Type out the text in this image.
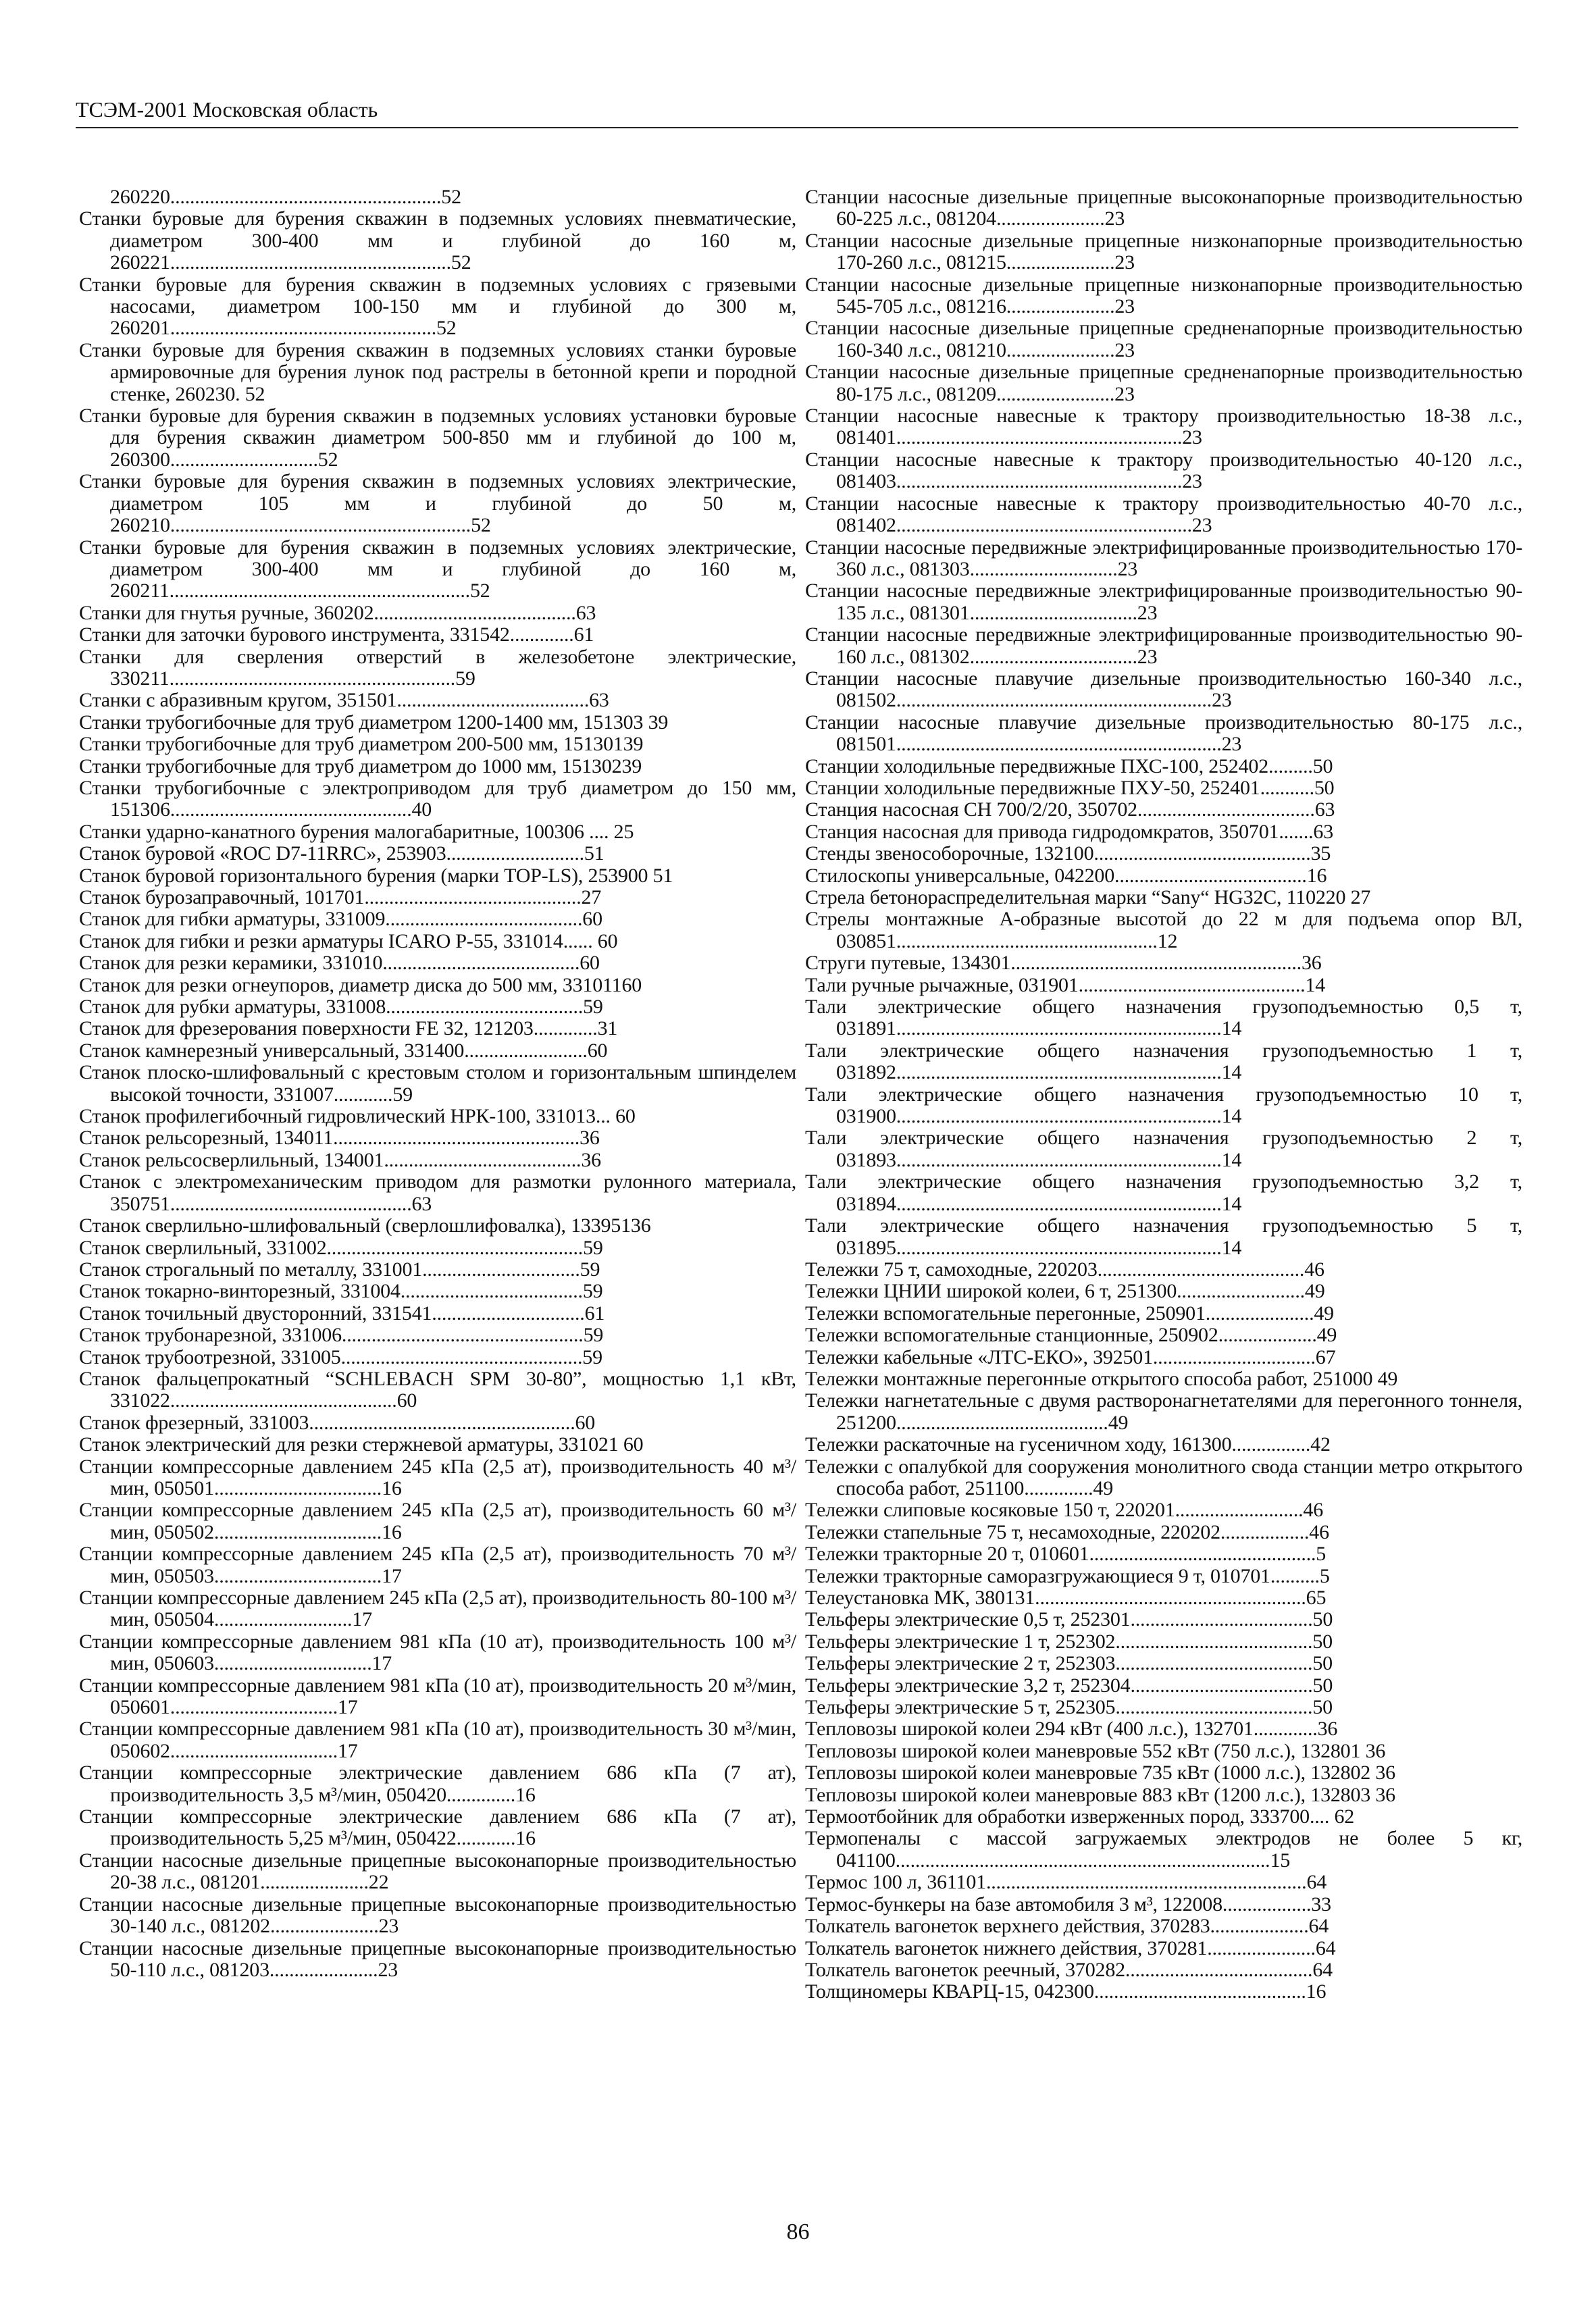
ТСЭМ-2001 Московская область
260220.......................................................52
Станки буровые для бурения скважин в подземных условиях пневматические, диаметром 300-400 мм и глубиной до 160 м, 260221.........................................................52
Станки буровые для бурения скважин в подземных условиях с грязевыми насосами, диаметром 100-150 мм и глубиной до 300 м, 260201......................................................52
Станки буровые для бурения скважин в подземных условиях станки буровые армировочные для бурения лунок под растрелы в бетонной крепи и породной стенке, 260230. 52
Станки буровые для бурения скважин в подземных условиях установки буровые для бурения скважин диаметром 500-850 мм и глубиной до 100 м, 260300..............................52
Станки буровые для бурения скважин в подземных условиях электрические, диаметром 105 мм и глубиной до 50 м, 260210.............................................................52
Станки буровые для бурения скважин в подземных условиях электрические, диаметром 300-400 мм и глубиной до 160 м, 260211.............................................................52
Станки для гнутья ручные, 360202.........................................63
Станки для заточки бурового инструмента, 331542.............61
Станки для сверления отверстий в железобетоне электрические, 330211..........................................................59
Станки с абразивным кругом, 351501.......................................63
Станки трубогибочные для труб диаметром 1200-1400 мм, 151303 39
Станки трубогибочные для труб диаметром 200-500 мм, 15130139
Станки трубогибочные для труб диаметром до 1000 мм, 15130239
Станки трубогибочные с электроприводом для труб диаметром до 150 мм, 151306.................................................40
Станки ударно-канатного бурения малогабаритные, 100306 .... 25
Станок буровой «ROC D7-11RRC», 253903............................51
Станок буровой горизонтального бурения (марки TOP-LS), 253900 51
Станок бурозаправочный, 101701............................................27
Станок для гибки арматуры, 331009........................................60
Станок для гибки и резки арматуры ICARO P-55, 331014...... 60
Станок для резки керамики, 331010........................................60
Станок для резки огнеупоров, диаметр диска до 500 мм, 33101160
Станок для рубки арматуры, 331008........................................59
Станок для фрезерования поверхности FE 32, 121203.............31
Станок камнерезный универсальный, 331400.........................60
Станок плоско-шлифовальный с крестовым столом и горизонтальным шпинделем высокой точности, 331007............59
Станок профилегибочный гидровлический НРК-100, 331013... 60
Станок рельсорезный, 134011..................................................36
Станок рельсосверлильный, 134001........................................36
Станок с электромеханическим приводом для размотки рулонного материала, 350751.................................................63
Станок сверлильно-шлифовальный (сверлошлифовалка), 13395136
Станок сверлильный, 331002....................................................59
Станок строгальный по металлу, 331001................................59
Станок токарно-винторезный, 331004.....................................59
Станок точильный двусторонний, 331541...............................61
Станок трубонарезной, 331006.................................................59
Станок трубоотрезной, 331005.................................................59
Станок фальцепрокатный “SCHLEBACH SPM 30-80”, мощностью 1,1 кВт, 331022..............................................60
Станок фрезерный, 331003......................................................60
Станок электрический для резки стержневой арматуры, 331021 60
Станции компрессорные давлением 245 кПа (2,5 ат), производительность 40 м³/мин, 050501..................................16
Станции компрессорные давлением 245 кПа (2,5 ат), производительность 60 м³/мин, 050502..................................16
Станции компрессорные давлением 245 кПа (2,5 ат), производительность 70 м³/мин, 050503..................................17
Станции компрессорные давлением 245 кПа (2,5 ат), производительность 80-100 м³/мин, 050504............................17
Станции компрессорные давлением 981 кПа (10 ат), производительность 100 м³/мин, 050603................................17
Станции компрессорные давлением 981 кПа (10 ат), производительность 20 м³/мин, 050601..................................17
Станции компрессорные давлением 981 кПа (10 ат), производительность 30 м³/мин, 050602..................................17
Станции компрессорные электрические давлением 686 кПа (7 ат), производительность 3,5 м³/мин, 050420..............16
Станции компрессорные электрические давлением 686 кПа (7 ат), производительность 5,25 м³/мин, 050422............16
Станции насосные дизельные прицепные высоконапорные производительностью 20-38 л.с., 081201......................22
Станции насосные дизельные прицепные высоконапорные производительностью 30-140 л.с., 081202......................23
Станции насосные дизельные прицепные высоконапорные производительностью 50-110 л.с., 081203......................23
Станции насосные дизельные прицепные высоконапорные производительностью 60-225 л.с., 081204......................23
Станции насосные дизельные прицепные низконапорные производительностью 170-260 л.с., 081215......................23
Станции насосные дизельные прицепные низконапорные производительностью 545-705 л.с., 081216......................23
Станции насосные дизельные прицепные средненапорные производительностью 160-340 л.с., 081210......................23
Станции насосные дизельные прицепные средненапорные производительностью 80-175 л.с., 081209........................23
Станции насосные навесные к трактору производительностью 18-38 л.с., 081401..........................................................23
Станции насосные навесные к трактору производительностью 40-120 л.с., 081403..........................................................23
Станции насосные навесные к трактору производительностью 40-70 л.с., 081402............................................................23
Станции насосные передвижные электрифицированные производительностью 170-360 л.с., 081303..............................23
Станции насосные передвижные электрифицированные производительностью 90-135 л.с., 081301..................................23
Станции насосные передвижные электрифицированные производительностью 90-160 л.с., 081302..................................23
Станции насосные плавучие дизельные производительностью 160-340 л.с., 081502................................................................23
Станции насосные плавучие дизельные производительностью 80-175 л.с., 081501..................................................................23
Станции холодильные передвижные ПХС-100, 252402.........50
Станции холодильные передвижные ПХУ-50, 252401...........50
Станция насосная СН 700/2/20, 350702....................................63
Станция насосная для привода гидродомкратов, 350701.......63
Стенды звенособорочные, 132100............................................35
Стилоскопы универсальные, 042200.......................................16
Стрела бетонораспределительная марки “Sany“ HG32C, 110220 27
Стрелы монтажные А-образные высотой до 22 м для подъема опор ВЛ, 030851.....................................................12
Струги путевые, 134301...........................................................36
Тали ручные рычажные, 031901..............................................14
Тали электрические общего назначения грузоподъемностью 0,5 т, 031891..................................................................14
Тали электрические общего назначения грузоподъемностью 1 т, 031892..................................................................14
Тали электрические общего назначения грузоподъемностью 10 т, 031900..................................................................14
Тали электрические общего назначения грузоподъемностью 2 т, 031893..................................................................14
Тали электрические общего назначения грузоподъемностью 3,2 т, 031894..................................................................14
Тали электрические общего назначения грузоподъемностью 5 т, 031895..................................................................14
Тележки 75 т, самоходные, 220203..........................................46
Тележки ЦНИИ широкой колеи, 6 т, 251300..........................49
Тележки вспомогательные перегонные, 250901......................49
Тележки вспомогательные станционные, 250902....................49
Тележки кабельные «ЛТС-ЕКО», 392501.................................67
Тележки монтажные перегонные открытого способа работ, 251000 49
Тележки нагнетательные с двумя растворонагнетателями для перегонного тоннеля, 251200...........................................49
Тележки раскаточные на гусеничном ходу, 161300................42
Тележки с опалубкой для сооружения монолитного свода станции метро открытого способа работ, 251100..............49
Тележки слиповые косяковые 150 т, 220201..........................46
Тележки стапельные 75 т, несамоходные, 220202..................46
Тележки тракторные 20 т, 010601..............................................5
Тележки тракторные саморазгружающиеся 9 т, 010701..........5
Телеустановка МК, 380131.......................................................65
Тельферы электрические 0,5 т, 252301.....................................50
Тельферы электрические 1 т, 252302........................................50
Тельферы электрические 2 т, 252303........................................50
Тельферы электрические 3,2 т, 252304.....................................50
Тельферы электрические 5 т, 252305........................................50
Тепловозы широкой колеи 294 кВт (400 л.с.), 132701.............36
Тепловозы широкой колеи маневровые 552 кВт (750 л.с.), 132801 36
Тепловозы широкой колеи маневровые 735 кВт (1000 л.с.), 132802 36
Тепловозы широкой колеи маневровые 883 кВт (1200 л.с.), 132803 36
Термоотбойник для обработки изверженных пород, 333700.... 62
Термопеналы с массой загружаемых электродов не более 5 кг, 041100............................................................................15
Термос 100 л, 361101.................................................................64
Термос-бункеры на базе автомобиля 3 м³, 122008..................33
Толкатель вагонеток верхнего действия, 370283....................64
Толкатель вагонеток нижнего действия, 370281......................64
Толкатель вагонеток реечный, 370282......................................64
Толщиномеры КВАРЦ-15, 042300...........................................16
86
